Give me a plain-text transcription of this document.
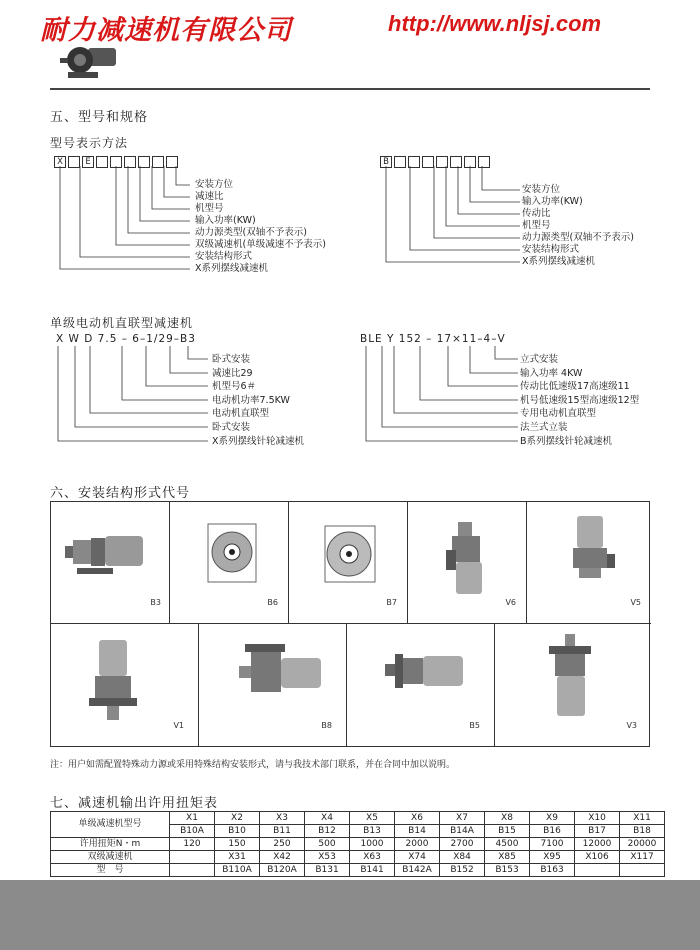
耐力减速机有限公司	http://www.nljsj.com
五、型号和规格
型号表示方法
X	E
安装方位
减速比
机型号
输入功率(KW)
动力源类型(双轴不予表示)
双级减速机(单级减速不予表示)
安装结构形式
X系列摆线减速机
B
安装方位
输入功率(KW)
传动比
机型号
动力源类型(双轴不予表示)
安装结构形式
X系列摆线减速机
单级电动机直联型减速机
X W D 7.5 – 6–1/29–B3
卧式安装
减速比29
机型号6＃
电动机功率7.5KW
电动机直联型
卧式安装
X系列摆线针轮减速机
BLE Y 152 – 17×11–4–V
立式安装
输入功率 4KW
传动比低速级17高速级11
机号低速级15型高速级12型
专用电动机直联型
法兰式立装
B系列摆线针轮减速机
六、安装结构形式代号
B3	B6	B7	V6	V5
V1	B8	B5	V3
注：用户如需配置特殊动力源或采用特殊结构安装形式，请与我技术部门联系，并在合同中加以说明。
七、减速机输出许用扭矩表
单级减速机型号	X1	X2	X3	X4	X5	X6	X7	X8	X9	X10	X11
	B10A	B10	B11	B12	B13	B14	B14A	B15	B16	B17	B18
许用扭矩N・m	120	150	250	500	1000	2000	2700	4500	7100	12000	20000
双级减速机		X31	X42	X53	X63	X74	X84	X85	X95	X106	X117
型　号		B110A	B120A	B131	B141	B142A	B152	B153	B163		
